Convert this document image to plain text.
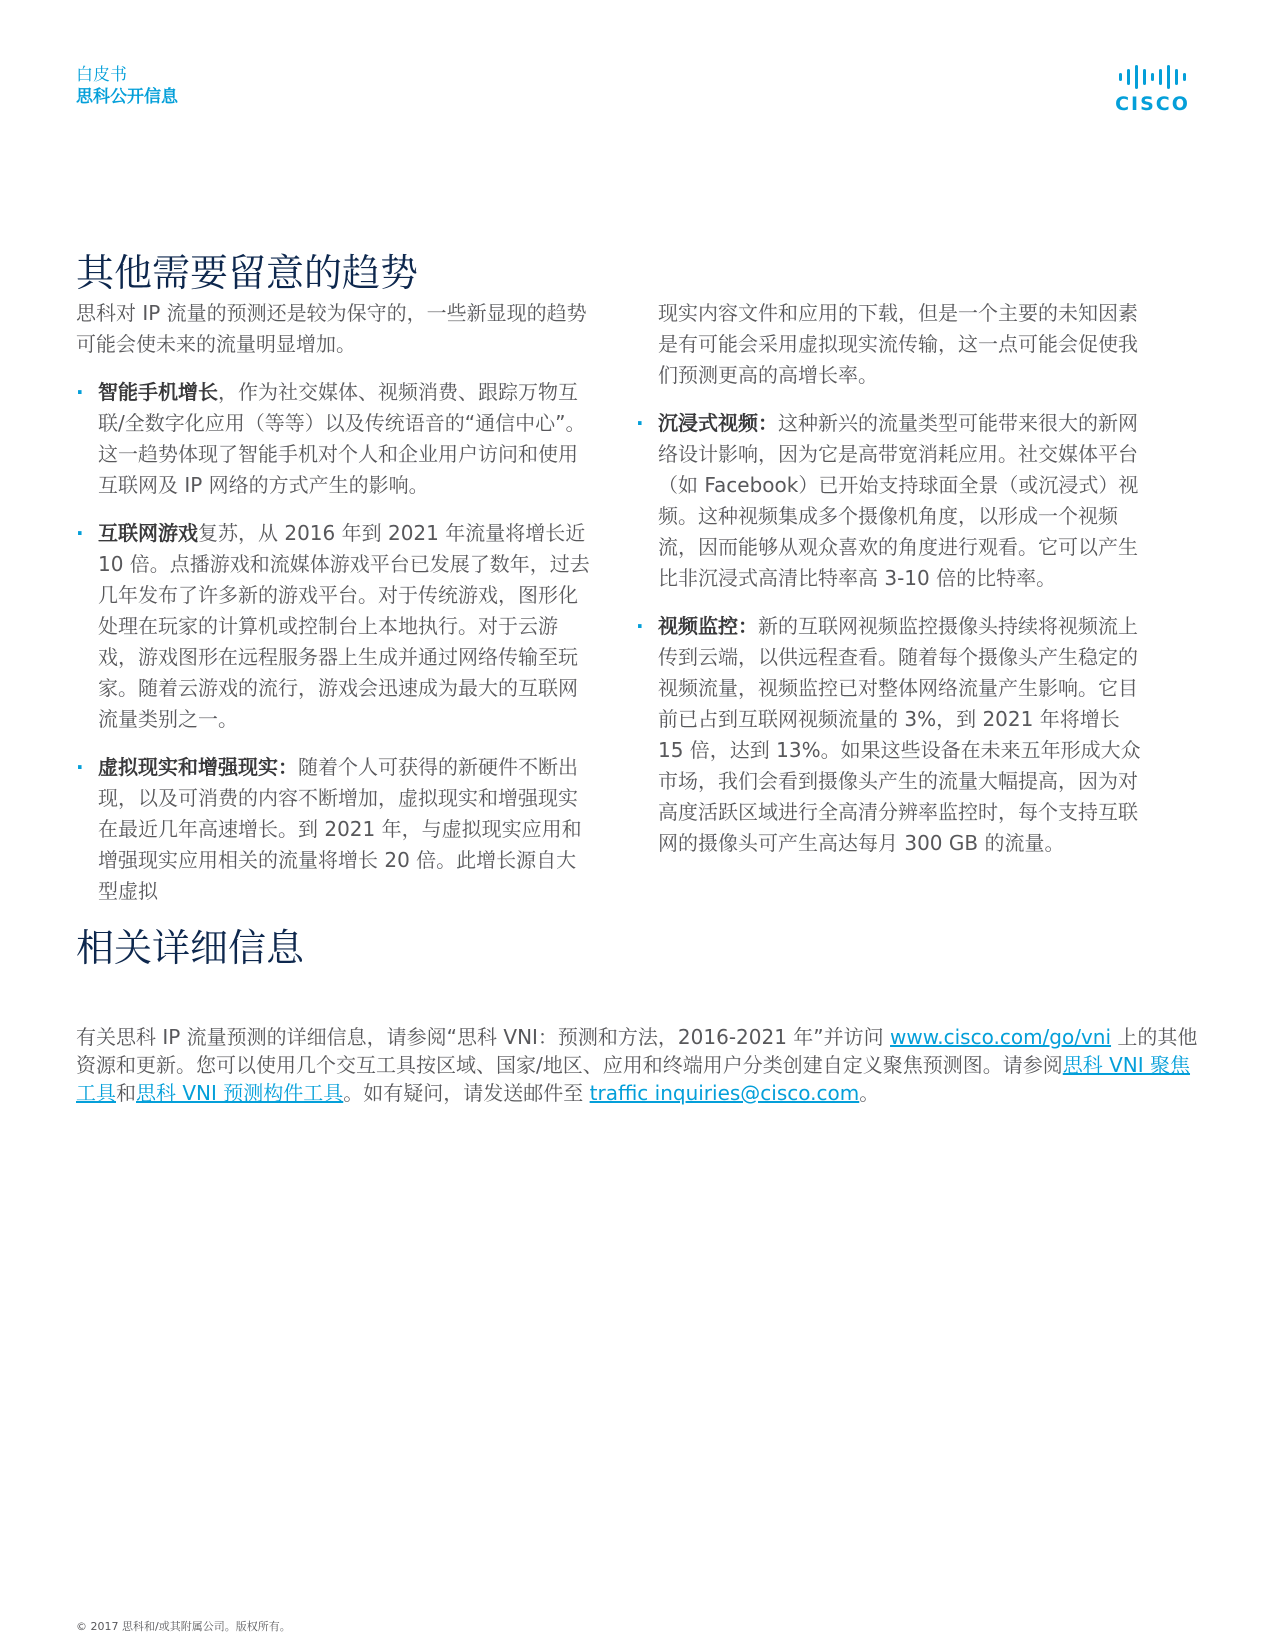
白皮书
思科公开信息	CISCO
其他需要留意的趋势

思科对 IP 流量的预测还是较为保守的，一些新显现的趋势可能会使未来的流量明显增加。

· 智能手机增长，作为社交媒体、视频消费、跟踪万物互联/全数字化应用（等等）以及传统语音的“通信中心”。这一趋势体现了智能手机对个人和企业用户访问和使用互联网及 IP 网络的方式产生的影响。
· 互联网游戏复苏，从 2016 年到 2021 年流量将增长近 10 倍。点播游戏和流媒体游戏平台已发展了数年，过去几年发布了许多新的游戏平台。对于传统游戏，图形化处理在玩家的计算机或控制台上本地执行。对于云游戏，游戏图形在远程服务器上生成并通过网络传输至玩家。随着云游戏的流行，游戏会迅速成为最大的互联网流量类别之一。
· 虚拟现实和增强现实：随着个人可获得的新硬件不断出现，以及可消费的内容不断增加，虚拟现实和增强现实在最近几年高速增长。到 2021 年，与虚拟现实应用和增强现实应用相关的流量将增长 20 倍。此增长源自大型虚拟

现实内容文件和应用的下载，但是一个主要的未知因素是有可能会采用虚拟现实流传输，这一点可能会促使我们预测更高的高增长率。

· 沉浸式视频：这种新兴的流量类型可能带来很大的新网络设计影响，因为它是高带宽消耗应用。社交媒体平台（如 Facebook）已开始支持球面全景（或沉浸式）视频。这种视频集成多个摄像机角度，以形成一个视频流，因而能够从观众喜欢的角度进行观看。它可以产生比非沉浸式高清比特率高 3-10 倍的比特率。
· 视频监控：新的互联网视频监控摄像头持续将视频流上传到云端，以供远程查看。随着每个摄像头产生稳定的视频流量，视频监控已对整体网络流量产生影响。它目前已占到互联网视频流量的 3%，到 2021 年将增长 15 倍，达到 13%。如果这些设备在未来五年形成大众市场，我们会看到摄像头产生的流量大幅提高，因为对高度活跃区域进行全高清分辨率监控时，每个支持互联网的摄像头可产生高达每月 300 GB 的流量。
相关详细信息

有关思科 IP 流量预测的详细信息，请参阅“思科 VNI：预测和方法，2016-2021 年”并访问 www.cisco.com/go/vni 上的其他资源和更新。您可以使用几个交互工具按区域、国家/地区、应用和终端用户分类创建自定义聚焦预测图。请参阅思科 VNI 聚焦工具和思科 VNI 预测构件工具。如有疑问，请发送邮件至 traffic inquiries@cisco.com。

© 2017 思科和/或其附属公司。版权所有。
